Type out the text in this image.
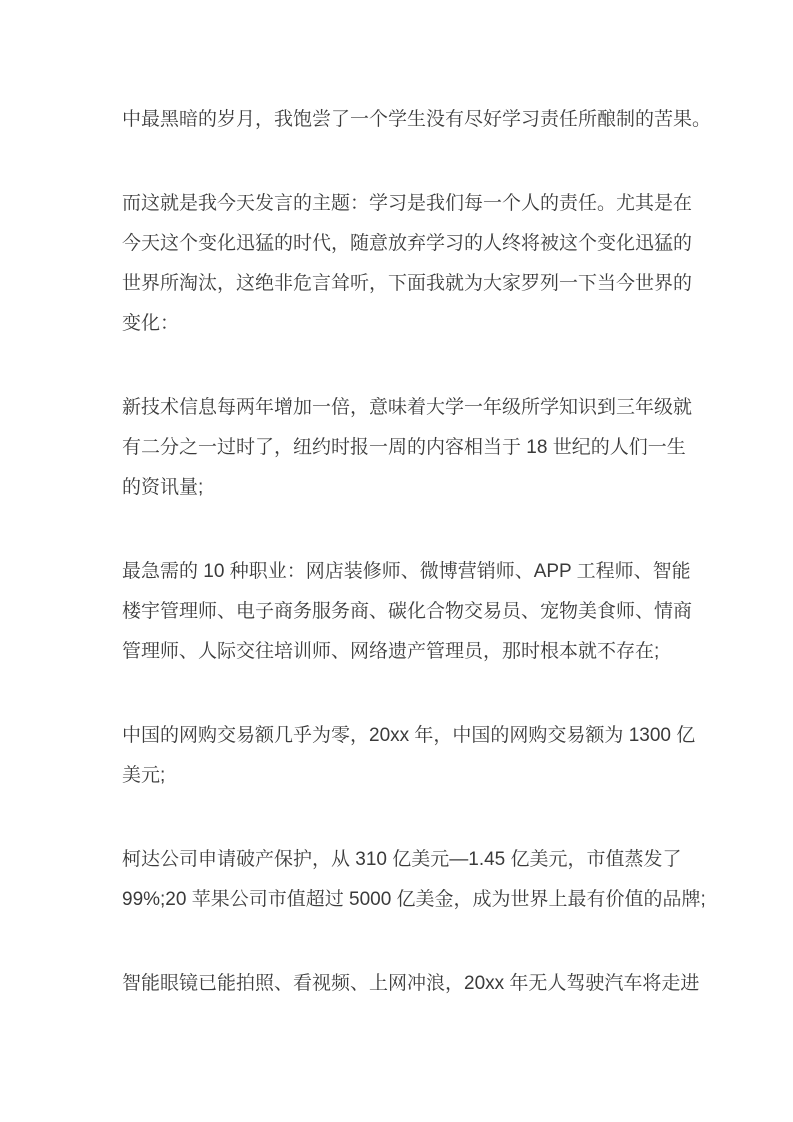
中最黑暗的岁月，我饱尝了一个学生没有尽好学习责任所酿制的苦果。

而这就是我今天发言的主题：学习是我们每一个人的责任。尤其是在
今天这个变化迅猛的时代，随意放弃学习的人终将被这个变化迅猛的
世界所淘汰，这绝非危言耸听，下面我就为大家罗列一下当今世界的
变化：

新技术信息每两年增加一倍，意味着大学一年级所学知识到三年级就
有二分之一过时了，纽约时报一周的内容相当于 18 世纪的人们一生
的资讯量;

最急需的 10 种职业：网店装修师、微博营销师、APP 工程师、智能
楼宇管理师、电子商务服务商、碳化合物交易员、宠物美食师、情商
管理师、人际交往培训师、网络遗产管理员，那时根本就不存在;

中国的网购交易额几乎为零，20xx 年，中国的网购交易额为 1300 亿
美元;

柯达公司申请破产保护，从 310 亿美元—1.45 亿美元，市值蒸发了
99%;20 苹果公司市值超过 5000 亿美金，成为世界上最有价值的品牌;

智能眼镜已能拍照、看视频、上网冲浪，20xx 年无人驾驶汽车将走进
